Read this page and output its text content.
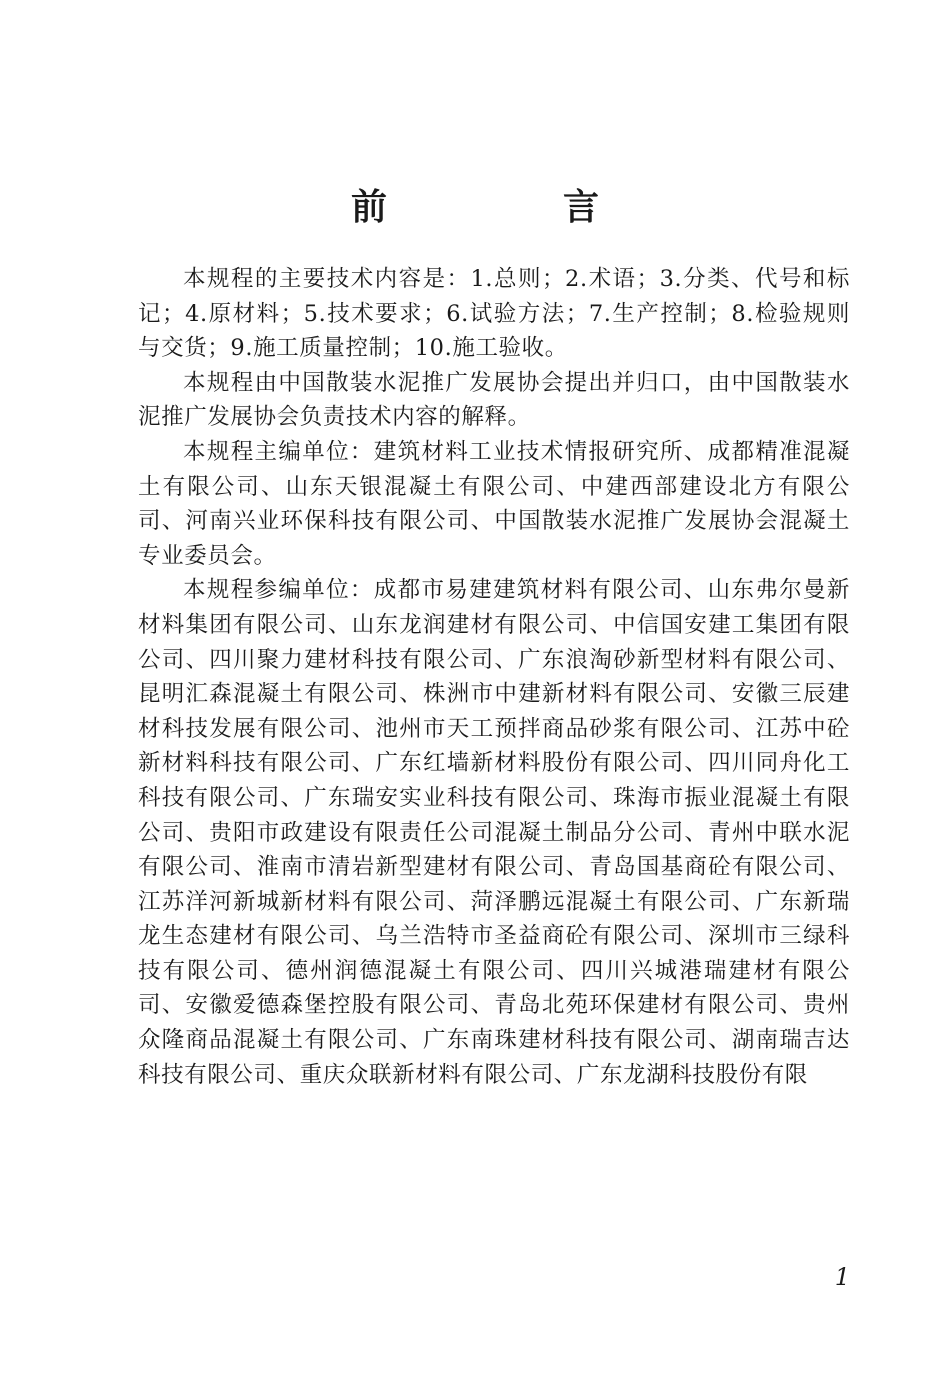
前　言

本规程的主要技术内容是：1.总则；2.术语；3.分类、代号和标记；4.原材料；5.技术要求；6.试验方法；7.生产控制；8.检验规则与交货；9.施工质量控制；10.施工验收。

本规程由中国散装水泥推广发展协会提出并归口，由中国散装水泥推广发展协会负责技术内容的解释。

本规程主编单位：建筑材料工业技术情报研究所、成都精准混凝土有限公司、山东天银混凝土有限公司、中建西部建设北方有限公司、河南兴业环保科技有限公司、中国散装水泥推广发展协会混凝土专业委员会。

本规程参编单位：成都市易建建筑材料有限公司、山东弗尔曼新材料集团有限公司、山东龙润建材有限公司、中信国安建工集团有限公司、四川聚力建材科技有限公司、广东浪淘砂新型材料有限公司、昆明汇森混凝土有限公司、株洲市中建新材料有限公司、安徽三辰建材科技发展有限公司、池州市天工预拌商品砂浆有限公司、江苏中砼新材料科技有限公司、广东红墙新材料股份有限公司、四川同舟化工科技有限公司、广东瑞安实业科技有限公司、珠海市振业混凝土有限公司、贵阳市政建设有限责任公司混凝土制品分公司、青州中联水泥有限公司、淮南市清岩新型建材有限公司、青岛国基商砼有限公司、江苏洋河新城新材料有限公司、菏泽鹏远混凝土有限公司、广东新瑞龙生态建材有限公司、乌兰浩特市圣益商砼有限公司、深圳市三绿科技有限公司、德州润德混凝土有限公司、四川兴城港瑞建材有限公司、安徽爱德森堡控股有限公司、青岛北苑环保建材有限公司、贵州众隆商品混凝土有限公司、广东南珠建材科技有限公司、湖南瑞吉达科技有限公司、重庆众联新材料有限公司、广东龙湖科技股份有限

1
